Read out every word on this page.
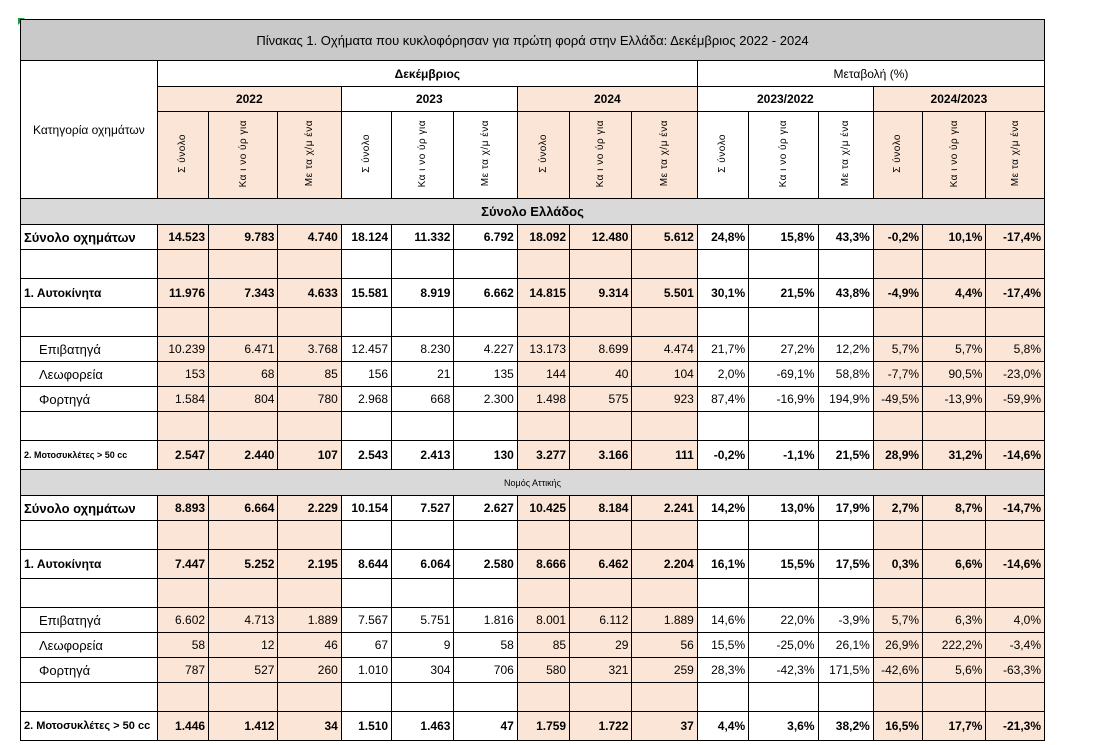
Πίνακας 1. Οχήματα που κυκλοφόρησαν για πρώτη φορά στην Ελλάδα: Δεκέμβριος 2022 - 2024															
Κατηγορία οχημάτων	Δεκέμβριος									Μεταβολή (%)					
	2022			2023			2024			2023/2022			2024/2023		
	Σ ύνολο	Κα ι νο ύρ για	Με τα χ/μ ένα	Σ ύνολο	Κα ι νο ύρ για	Με τα χ/μ ένα	Σ ύνολο	Κα ι νο ύρ για	Με τα χ/μ ένα	Σ ύνολο	Κα ι νο ύρ για	Με τα χ/μ ένα	Σ ύνολο	Κα ι νο ύρ για	Με τα χ/μ ένα
Σύνολο Ελλάδος															
Σύνολο οχημάτων	14.523	9.783	4.740	18.124	11.332	6.792	18.092	12.480	5.612	24,8%	15,8%	43,3%	-0,2%	10,1%	-17,4%

1. Αυτοκίνητα	11.976	7.343	4.633	15.581	8.919	6.662	14.815	9.314	5.501	30,1%	21,5%	43,8%	-4,9%	4,4%	-17,4%

Επιβατηγά	10.239	6.471	3.768	12.457	8.230	4.227	13.173	8.699	4.474	21,7%	27,2%	12,2%	5,7%	5,7%	5,8%
Λεωφορεία	153	68	85	156	21	135	144	40	104	2,0%	-69,1%	58,8%	-7,7%	90,5%	-23,0%
Φορτηγά	1.584	804	780	2.968	668	2.300	1.498	575	923	87,4%	-16,9%	194,9%	-49,5%	-13,9%	-59,9%

2. Μοτοσυκλέτες > 50 cc	2.547	2.440	107	2.543	2.413	130	3.277	3.166	111	-0,2%	-1,1%	21,5%	28,9%	31,2%	-14,6%
Νομός Αττικής															
Σύνολο οχημάτων	8.893	6.664	2.229	10.154	7.527	2.627	10.425	8.184	2.241	14,2%	13,0%	17,9%	2,7%	8,7%	-14,7%

1. Αυτοκίνητα	7.447	5.252	2.195	8.644	6.064	2.580	8.666	6.462	2.204	16,1%	15,5%	17,5%	0,3%	6,6%	-14,6%

Επιβατηγά	6.602	4.713	1.889	7.567	5.751	1.816	8.001	6.112	1.889	14,6%	22,0%	-3,9%	5,7%	6,3%	4,0%
Λεωφορεία	58	12	46	67	9	58	85	29	56	15,5%	-25,0%	26,1%	26,9%	222,2%	-3,4%
Φορτηγά	787	527	260	1.010	304	706	580	321	259	28,3%	-42,3%	171,5%	-42,6%	5,6%	-63,3%

2. Μοτοσυκλέτες > 50 cc	1.446	1.412	34	1.510	1.463	47	1.759	1.722	37	4,4%	3,6%	38,2%	16,5%	17,7%	-21,3%
